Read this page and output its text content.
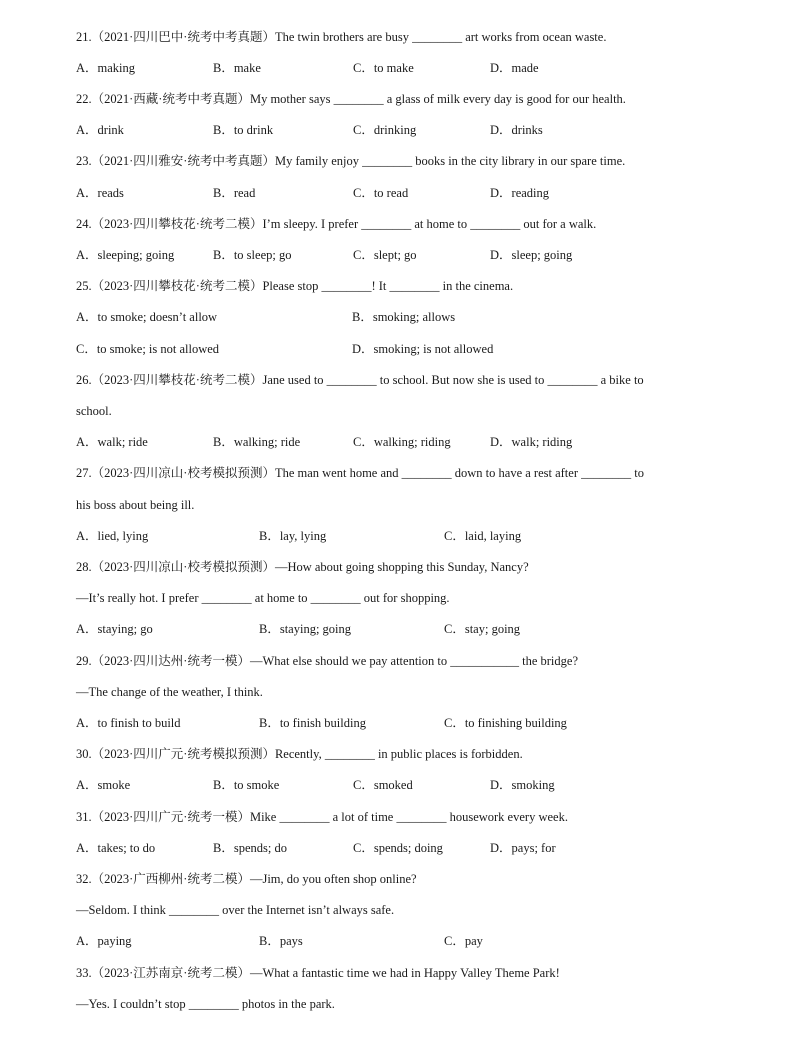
21.（2021·四川巴中·统考中考真题）The twin brothers are busy ________ art works from ocean waste.
A．making	B．make	C．to make	D．made
22.（2021·西藏·统考中考真题）My mother says ________ a glass of milk every day is good for our health.
A．drink	B．to drink	C．drinking	D．drinks
23.（2021·四川雅安·统考中考真题）My family enjoy ________ books in the city library in our spare time.
A．reads	B．read	C．to read	D．reading
24.（2023·四川攀枝花·统考二模）I’m sleepy. I prefer ________ at home to ________ out for a walk.
A．sleeping; going	B．to sleep; go	C．slept; go	D．sleep; going
25.（2023·四川攀枝花·统考二模）Please stop ________! It ________ in the cinema.
A．to smoke; doesn’t allow	B．smoking; allows
C．to smoke; is not allowed	D．smoking; is not allowed
26.（2023·四川攀枝花·统考二模）Jane used to ________ to school. But now she is used to ________ a bike to
school.
A．walk; ride	B．walking; ride	C．walking; riding	D．walk; riding
27.（2023·四川凉山·校考模拟预测）The man went home and ________ down to have a rest after ________ to
his boss about being ill.
A．lied, lying	B．lay, lying	C．laid, laying
28.（2023·四川凉山·校考模拟预测）—How about going shopping this Sunday, Nancy?
—It’s really hot. I prefer ________ at home to ________ out for shopping.
A．staying; go	B．staying; going	C．stay; going
29.（2023·四川达州·统考一模）—What else should we pay attention to ___________ the bridge?
—The change of the weather, I think.
A．to finish to build	B．to finish building	C．to finishing building
30.（2023·四川广元·统考模拟预测）Recently, ________ in public places is forbidden.
A．smoke	B．to smoke	C．smoked	D．smoking
31.（2023·四川广元·统考一模）Mike ________ a lot of time ________ housework every week.
A．takes; to do	B．spends; do	C．spends; doing	D．pays; for
32.（2023·广西柳州·统考二模）—Jim, do you often shop online?
—Seldom. I think ________ over the Internet isn’t always safe.
A．paying	B．pays	C．pay
33.（2023·江苏南京·统考二模）—What a fantastic time we had in Happy Valley Theme Park!
—Yes. I couldn’t stop ________ photos in the park.
